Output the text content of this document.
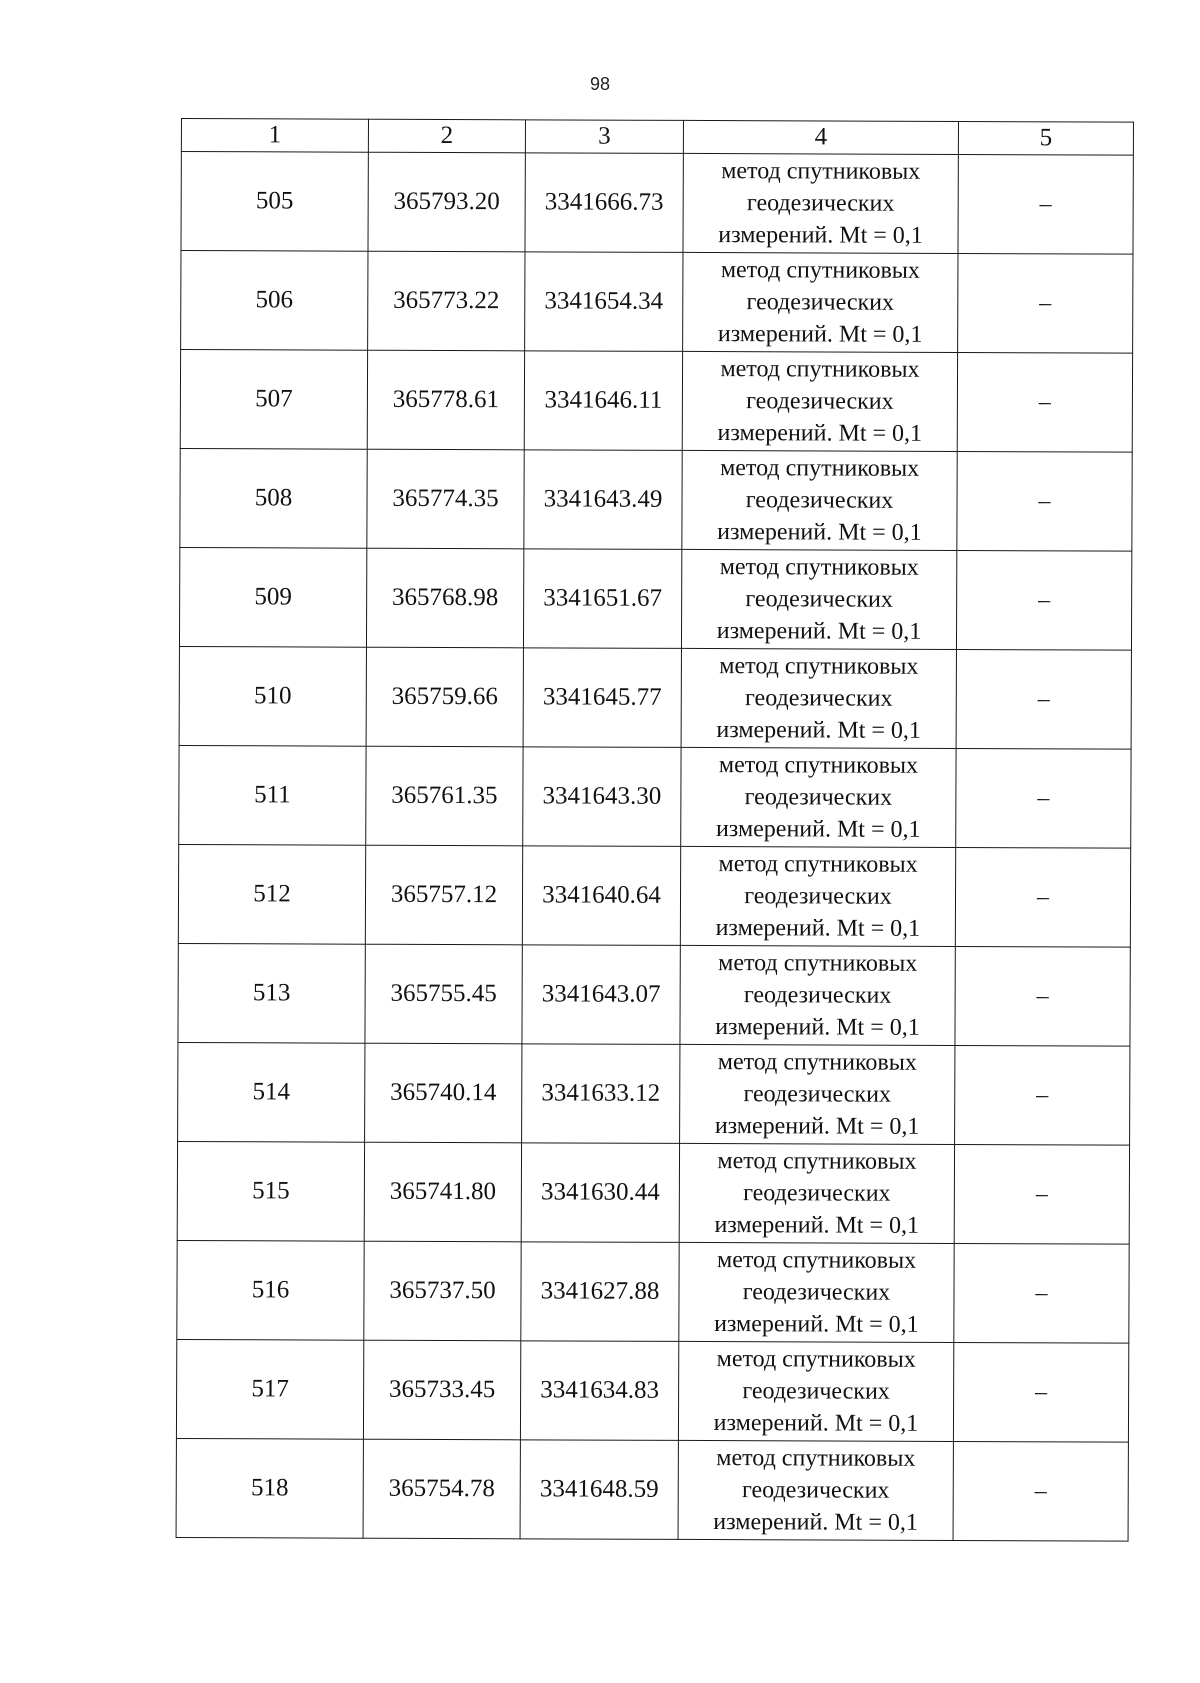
98
1	2	3	4	5
505	365793.20	3341666.73	метод спутниковых
геодезических
измерений. Mt = 0,1	–
506	365773.22	3341654.34	метод спутниковых
геодезических
измерений. Mt = 0,1	–
507	365778.61	3341646.11	метод спутниковых
геодезических
измерений. Mt = 0,1	–
508	365774.35	3341643.49	метод спутниковых
геодезических
измерений. Mt = 0,1	–
509	365768.98	3341651.67	метод спутниковых
геодезических
измерений. Mt = 0,1	–
510	365759.66	3341645.77	метод спутниковых
геодезических
измерений. Mt = 0,1	–
511	365761.35	3341643.30	метод спутниковых
геодезических
измерений. Mt = 0,1	–
512	365757.12	3341640.64	метод спутниковых
геодезических
измерений. Mt = 0,1	–
513	365755.45	3341643.07	метод спутниковых
геодезических
измерений. Mt = 0,1	–
514	365740.14	3341633.12	метод спутниковых
геодезических
измерений. Mt = 0,1	–
515	365741.80	3341630.44	метод спутниковых
геодезических
измерений. Mt = 0,1	–
516	365737.50	3341627.88	метод спутниковых
геодезических
измерений. Mt = 0,1	–
517	365733.45	3341634.83	метод спутниковых
геодезических
измерений. Mt = 0,1	–
518	365754.78	3341648.59	метод спутниковых
геодезических
измерений. Mt = 0,1	–
